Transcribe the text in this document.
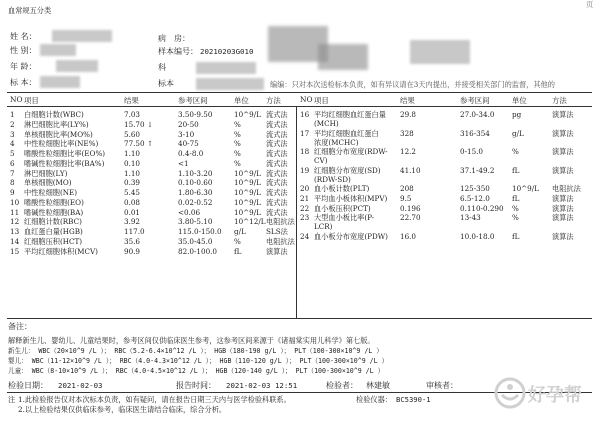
血常规五分类
页
姓 名：
性 别：
年 龄：
标 本：
病 房：
样本编号： 20210203G010
科
标本	编编：只对本次送检标本负责，如有异议请在3天内提出，并接受相关部门的监督，其他的
NO 项目	结果	参考区间	单位 方法	NO 项目	结果	参考区间	单位	方法
1 白细胞计数(WBC)	7.03	3.50-9.50	10^9/L 流式法
2 淋巴细胞比率(LY%)	15.70 ↓	20-50	%	流式法
3 单核细胞比率(MO%)	5.60	3-10	%	流式法
4 中性粒细胞比率(NE%)	77.50 ↑	40-75	%	流式法
5 嗜酸性粒细胞比率(EO%)	1.10	0.4-8.0	%	流式法
6 嗜碱性粒细胞比率(BA%)	0.10	<1	%	流式法
7 淋巴细胞(LY)	1.10	1.10-3.20	10^9/L 流式法
8 单核细胞(MO)	0.39	0.10-0.60	10^9/L 流式法
9 中性粒细胞(NE)	5.45	1.80-6.30	10^9/L 流式法
10 嗜酸性粒细胞(EO)	0.08	0.02-0.52	10^9/L 流式法
11 嗜碱性粒细胞(BA)	0.01	<0.06	10^9/L 流式法
12 红细胞计数(RBC)	3.92	3.80-5.10	10^12/L 电阻抗法
13 血红蛋白量(HGB)	117.0	115.0-150.0 g/L	SLS法
14 红细胞压积(HCT)	35.6	35.0-45.0	%	电阻抗法
15 平均红细胞体积(MCV)	90.9	82.0-100.0 fL	演算法
16 平均红细胞血红蛋白量 29.8	27.0-34.0 pg	演算法
(MCH)
17 平均红细胞血红蛋白	328	316-354	g/L	演算法
浓度(MCHC)
18 红细胞分布宽度(RDW- 12.2	0-15.0	%	演算法
CV)
19 红细胞分布宽度(SD)	41.10	37.1-49.2 fL	演算法
(RDW-SD)
20 血小板计数(PLT)	208	125-350	10^9/L 电阻抗法
21 平均血小板体积(MPV) 9.5	6.5-12.0	fL	演算法
22 血小板压积(PCT)	0.196	0.110-0.290 %	演算法
23 大型血小板比率(P-	22.70	13-43	%	演算法
LCR)
24 血小板分布宽度(PDW) 16.0	10.0-18.0 fL	演算法
备注：
解释新生儿、婴幼儿、儿童结果时，参考区间仅供临床医生参考，这参考区间来源于《诸福棠实用儿科学》第七版。
新生儿： WBC（20×10^9 /L ）； RBC（5.2-6.4×10^12 /L ）； HGB（180-190 g/L ）； PLT（100-300×10^9 /L ）
婴儿： WBC（11-12×10^9 /L ）； RBC（4.0-4.3×10^12 /L ）； HGB（110-120 g/L ）； PLT（100-300×10^9 /L ）
儿童： WBC（8-10×10^9 /L ）； RBC（4.0-4.5×10^12 /L ）； HGB（120-140 g/L ）； PLT（100-300×10^9 /L ）
检验日期： 2021-02-03	报告时间： 2021-02-03 12:51	检验者： 林建敏	审核者：
注 1.此检验报告仅对本次标本负责，如有疑问，请在报告日期三天内与医学检验科联系。
2.以上检验结果仅供临床参考，临床医生请结合临床，综合分析。
检验仪器： BC5390-1	好孕帮
